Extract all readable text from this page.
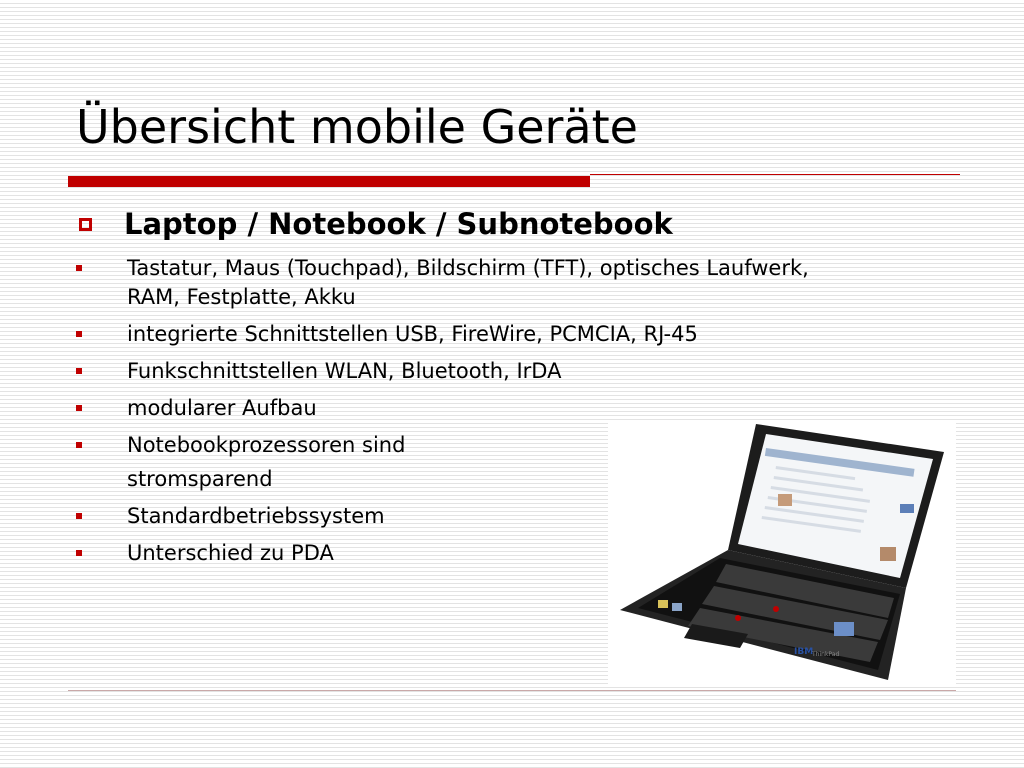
Übersicht mobile Geräte
Laptop / Notebook / Subnotebook
Tastatur, Maus (Touchpad), Bildschirm (TFT), optisches Laufwerk, RAM, Festplatte, Akku
integrierte Schnittstellen USB, FireWire, PCMCIA, RJ-45
Funkschnittstellen WLAN, Bluetooth, IrDA
modularer Aufbau
Notebookprozessoren sind
stromsparend
Standardbetriebssystem
Unterschied zu PDA
IBM
ThinkPad
